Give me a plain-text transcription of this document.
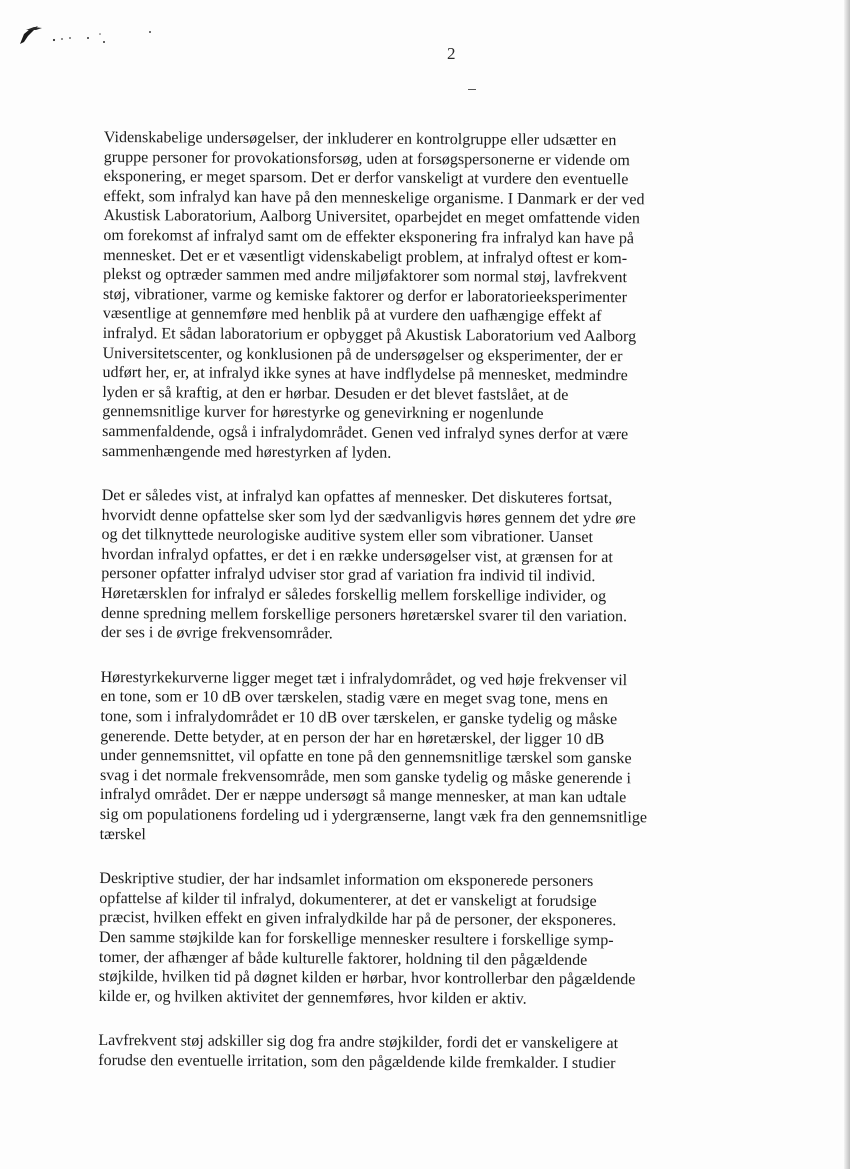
2

Videnskabelige undersøgelser, der inkluderer en kontrolgruppe eller udsætter en
gruppe personer for provokationsforsøg, uden at forsøgspersonerne er vidende om
eksponering, er meget sparsom. Det er derfor vanskeligt at vurdere den eventuelle
effekt, som infralyd kan have på den menneskelige organisme. I Danmark er der ved
Akustisk Laboratorium, Aalborg Universitet, oparbejdet en meget omfattende viden
om forekomst af infralyd samt om de effekter eksponering fra infralyd kan have på
mennesket. Det er et væsentligt videnskabeligt problem, at infralyd oftest er kom-
plekst og optræder sammen med andre miljøfaktorer som normal støj, lavfrekvent
støj, vibrationer, varme og kemiske faktorer og derfor er laboratorieeksperimenter
væsentlige at gennemføre med henblik på at vurdere den uafhængige effekt af
infralyd. Et sådan laboratorium er opbygget på Akustisk Laboratorium ved Aalborg
Universitetscenter, og konklusionen på de undersøgelser og eksperimenter, der er
udført her, er, at infralyd ikke synes at have indflydelse på mennesket, medmindre
lyden er så kraftig, at den er hørbar. Desuden er det blevet fastslået, at de
gennemsnitlige kurver for hørestyrke og genevirkning er nogenlunde
sammenfaldende, også i infralydområdet. Genen ved infralyd synes derfor at være
sammenhængende med hørestyrken af lyden.

Det er således vist, at infralyd kan opfattes af mennesker. Det diskuteres fortsat,
hvorvidt denne opfattelse sker som lyd der sædvanligvis høres gennem det ydre øre
og det tilknyttede neurologiske auditive system eller som vibrationer. Uanset
hvordan infralyd opfattes, er det i en række undersøgelser vist, at grænsen for at
personer opfatter infralyd udviser stor grad af variation fra individ til individ.
Høretærsklen for infralyd er således forskellig mellem forskellige individer, og
denne spredning mellem forskellige personers høretærskel svarer til den variation.
der ses i de øvrige frekvensområder.

Hørestyrkekurverne ligger meget tæt i infralydområdet, og ved høje frekvenser vil
en tone, som er 10 dB over tærskelen, stadig være en meget svag tone, mens en
tone, som i infralydområdet er 10 dB over tærskelen, er ganske tydelig og måske
generende. Dette betyder, at en person der har en høretærskel, der ligger 10 dB
under gennemsnittet, vil opfatte en tone på den gennemsnitlige tærskel som ganske
svag i det normale frekvensområde, men som ganske tydelig og måske generende i
infralyd området. Der er næppe undersøgt så mange mennesker, at man kan udtale
sig om populationens fordeling ud i ydergrænserne, langt væk fra den gennemsnitlige
tærskel

Deskriptive studier, der har indsamlet information om eksponerede personers
opfattelse af kilder til infralyd, dokumenterer, at det er vanskeligt at forudsige
præcist, hvilken effekt en given infralydkilde har på de personer, der eksponeres.
Den samme støjkilde kan for forskellige mennesker resultere i forskellige symp-
tomer, der afhænger af både kulturelle faktorer, holdning til den pågældende
støjkilde, hvilken tid på døgnet kilden er hørbar, hvor kontrollerbar den pågældende
kilde er, og hvilken aktivitet der gennemføres, hvor kilden er aktiv.

Lavfrekvent støj adskiller sig dog fra andre støjkilder, fordi det er vanskeligere at
forudse den eventuelle irritation, som den pågældende kilde fremkalder. I studier
